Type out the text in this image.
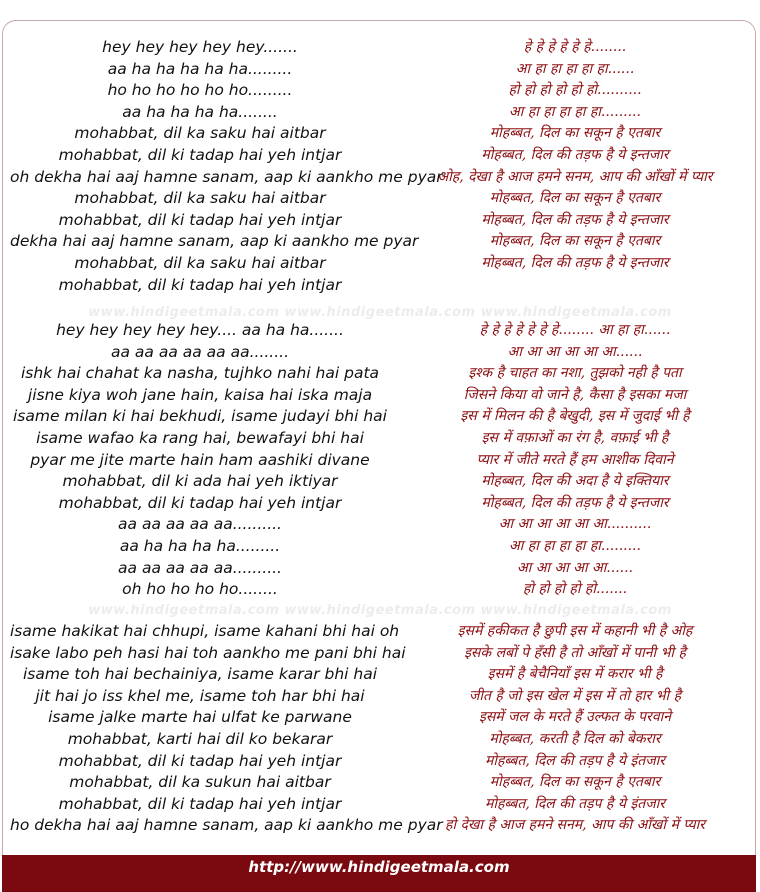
hey hey hey hey hey.......
aa ha ha ha ha ha.........
ho ho ho ho ho ho.........
aa ha ha ha ha........
mohabbat, dil ka saku hai aitbar
mohabbat, dil ki tadap hai yeh intjar
oh dekha hai aaj hamne sanam, aap ki aankho me pyar
mohabbat, dil ka saku hai aitbar
mohabbat, dil ki tadap hai yeh intjar
dekha hai aaj hamne sanam, aap ki aankho me pyar
mohabbat, dil ka saku hai aitbar
mohabbat, dil ki tadap hai yeh intjar
हे हे हे हे हे हे........
आ हा हा हा हा हा......
हो हो हो हो हो हो..........
आ हा हा हा हा हा.........
मोहब्बत, दिल का सकून है एतबार
मोहब्बत, दिल की तड़फ है ये इन्तजार
ओह, देखा है आज हमने सनम, आप की आँखों में प्यार
मोहब्बत, दिल का सकून है एतबार
मोहब्बत, दिल की तड़फ है ये इन्तजार
मोहब्बत, दिल का सकून है एतबार
मोहब्बत, दिल की तड़फ है ये इन्तजार
www.hindigeetmala.com www.hindigeetmala.com www.hindigeetmala.com
hey hey hey hey hey.... aa ha ha.......
aa aa aa aa aa aa........
ishk hai chahat ka nasha, tujhko nahi hai pata
jisne kiya woh jane hain, kaisa hai iska maja
isame milan ki hai bekhudi, isame judayi bhi hai
isame wafao ka rang hai, bewafayi bhi hai
pyar me jite marte hain ham aashiki divane
mohabbat, dil ki ada hai yeh iktiyar
mohabbat, dil ki tadap hai yeh intjar
aa aa aa aa aa..........
aa ha ha ha ha.........
aa aa aa aa aa..........
oh ho ho ho ho........
हे हे हे हे हे हे हे........ आ हा हा......
आ आ आ आ आ आ......
इश्क है चाहत का नशा, तुझको नही है पता
जिसने किया वो जाने है, कैसा है इसका मजा
इस में मिलन की है बेखुदी, इस में जुदाई भी है
इस में वफ़ाओं का रंग है, वफ़ाई भी है
प्यार में जीते मरते हैं हम आशीक दिवाने
मोहब्बत, दिल की अदा है ये इक्तियार
मोहब्बत, दिल की तड़फ है ये इन्तजार
आ आ आ आ आ आ..........
आ हा हा हा हा हा.........
आ आ आ आ आ......
हो हो हो हो हो.......
www.hindigeetmala.com www.hindigeetmala.com www.hindigeetmala.com
isame hakikat hai chhupi, isame kahani bhi hai oh
isake labo peh hasi hai toh aankho me pani bhi hai
isame toh hai bechainiya, isame karar bhi hai
jit hai jo iss khel me, isame toh har bhi hai
isame jalke marte hai ulfat ke parwane
mohabbat, karti hai dil ko bekarar
mohabbat, dil ki tadap hai yeh intjar
mohabbat, dil ka sukun hai aitbar
mohabbat, dil ki tadap hai yeh intjar
ho dekha hai aaj hamne sanam, aap ki aankho me pyar
इसमें हकीकत है छुपी इस में कहानी भी है ओह
इसके लबों पे हँसी है तो आँखों में पानी भी है
इसमें है बेचैनियाँ इस में करार भी है
जीत है जो इस खेल में इस में तो हार भी है
इसमें जल के मरते हैं उल्फत के परवाने
मोहब्बत, करती है दिल को बेकरार
मोहब्बत, दिल की तड़प है ये इंतजार
मोहब्बत, दिल का सकून है एतबार
मोहब्बत, दिल की तड़प है ये इंतजार
हो देखा है आज हमने सनम, आप की आँखों में प्यार
http://www.hindigeetmala.com
